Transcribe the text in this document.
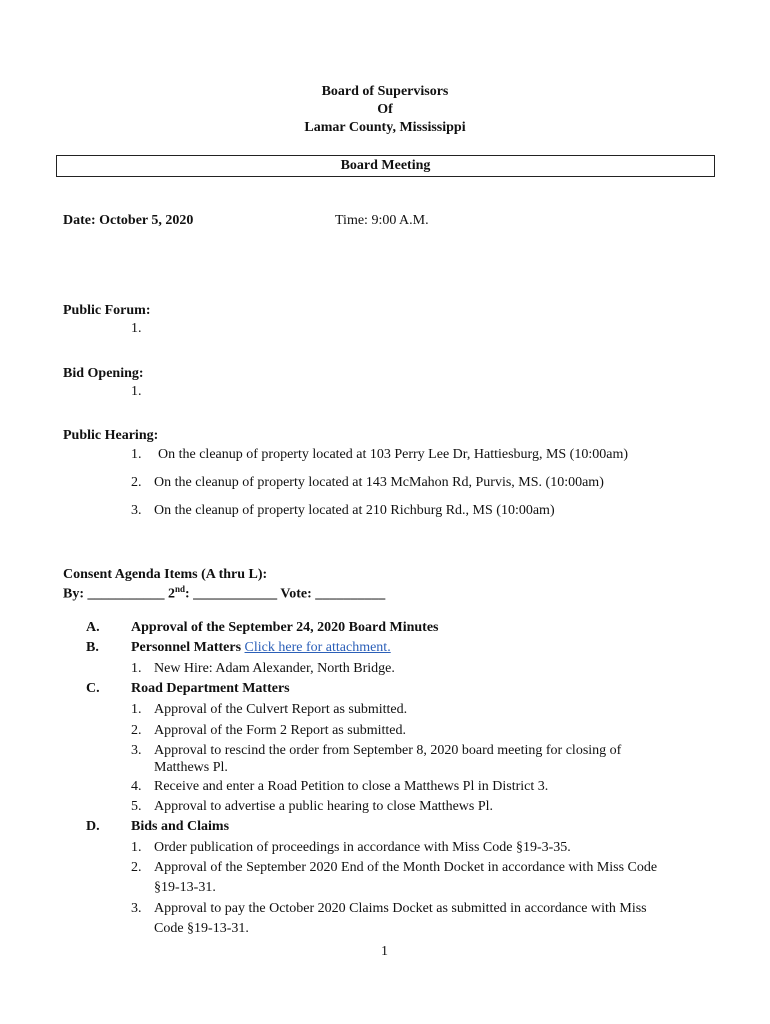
Board of Supervisors
Of
Lamar County, Mississippi
Board Meeting
Date: October 5, 2020	Time: 9:00 A.M.
Public Forum:
1.
Bid Opening:
1.
Public Hearing:
1. On the cleanup of property located at 103 Perry Lee Dr, Hattiesburg, MS (10:00am)
2. On the cleanup of property located at 143 McMahon Rd, Purvis, MS. (10:00am)
3. On the cleanup of property located at 210 Richburg Rd., MS (10:00am)
Consent Agenda Items (A thru L):
By: ___________ 2nd: ____________ Vote: __________
A. Approval of the September 24, 2020 Board Minutes
B. Personnel Matters Click here for attachment.
1. New Hire: Adam Alexander, North Bridge.
C. Road Department Matters
1. Approval of the Culvert Report as submitted.
2. Approval of the Form 2 Report as submitted.
3. Approval to rescind the order from September 8, 2020 board meeting for closing of
Matthews Pl.
4. Receive and enter a Road Petition to close a Matthews Pl in District 3.
5. Approval to advertise a public hearing to close Matthews Pl.
D. Bids and Claims
1. Order publication of proceedings in accordance with Miss Code §19-3-35.
2. Approval of the September 2020 End of the Month Docket in accordance with Miss Code
§19-13-31.
3. Approval to pay the October 2020 Claims Docket as submitted in accordance with Miss
Code §19-13-31.
1
